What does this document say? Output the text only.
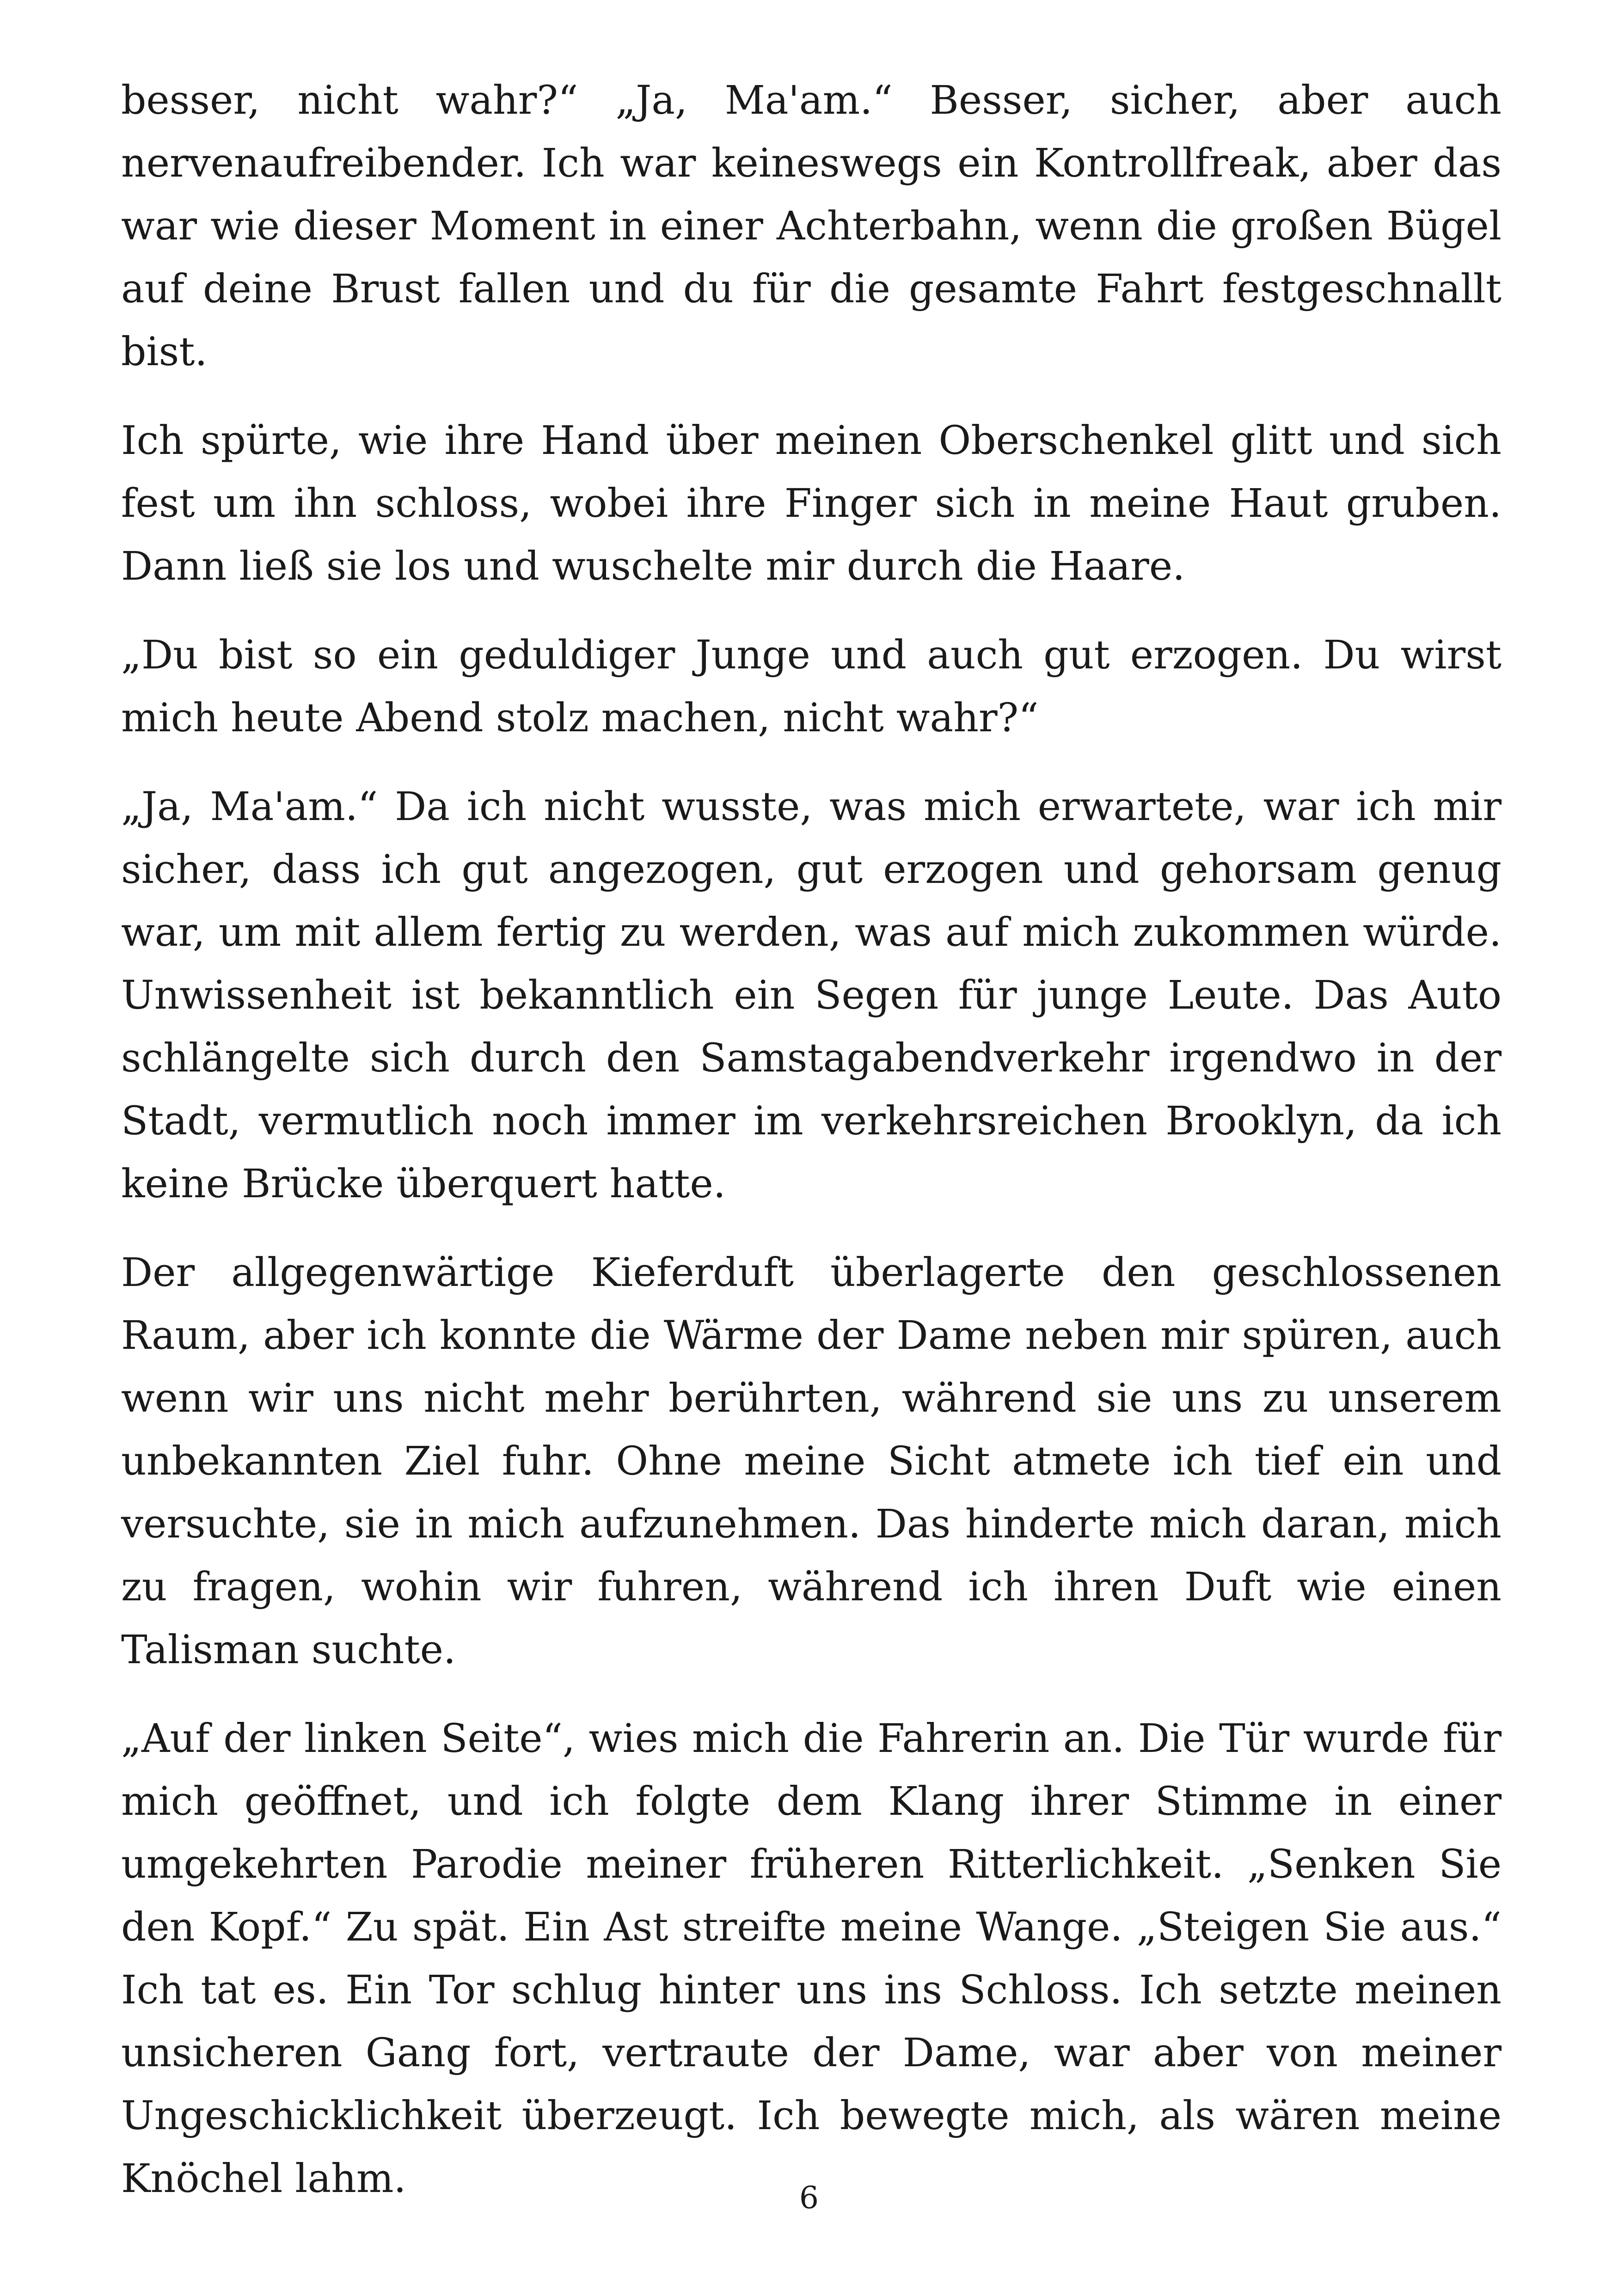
besser, nicht wahr?“ „Ja, Ma'am.“ Besser, sicher, aber auch nervenaufreibender. Ich war keineswegs ein Kontrollfreak, aber das war wie dieser Moment in einer Achterbahn, wenn die großen Bügel auf deine Brust fallen und du für die gesamte Fahrt festgeschnallt bist.

Ich spürte, wie ihre Hand über meinen Oberschenkel glitt und sich fest um ihn schloss, wobei ihre Finger sich in meine Haut gruben. Dann ließ sie los und wuschelte mir durch die Haare.

„Du bist so ein geduldiger Junge und auch gut erzogen. Du wirst mich heute Abend stolz machen, nicht wahr?“

„Ja, Ma'am.“ Da ich nicht wusste, was mich erwartete, war ich mir sicher, dass ich gut angezogen, gut erzogen und gehorsam genug war, um mit allem fertig zu werden, was auf mich zukommen würde. Unwissenheit ist bekanntlich ein Segen für junge Leute. Das Auto schlängelte sich durch den Samstagabendverkehr irgendwo in der Stadt, vermutlich noch immer im verkehrsreichen Brooklyn, da ich keine Brücke überquert hatte.

Der allgegenwärtige Kieferduft überlagerte den geschlossenen Raum, aber ich konnte die Wärme der Dame neben mir spüren, auch wenn wir uns nicht mehr berührten, während sie uns zu unserem unbekannten Ziel fuhr. Ohne meine Sicht atmete ich tief ein und versuchte, sie in mich aufzunehmen. Das hinderte mich daran, mich zu fragen, wohin wir fuhren, während ich ihren Duft wie einen Talisman suchte.

„Auf der linken Seite“, wies mich die Fahrerin an. Die Tür wurde für mich geöffnet, und ich folgte dem Klang ihrer Stimme in einer umgekehrten Parodie meiner früheren Ritterlichkeit. „Senken Sie den Kopf.“ Zu spät. Ein Ast streifte meine Wange. „Steigen Sie aus.“ Ich tat es. Ein Tor schlug hinter uns ins Schloss. Ich setzte meinen unsicheren Gang fort, vertraute der Dame, war aber von meiner Ungeschicklichkeit überzeugt. Ich bewegte mich, als wären meine Knöchel lahm.	6
